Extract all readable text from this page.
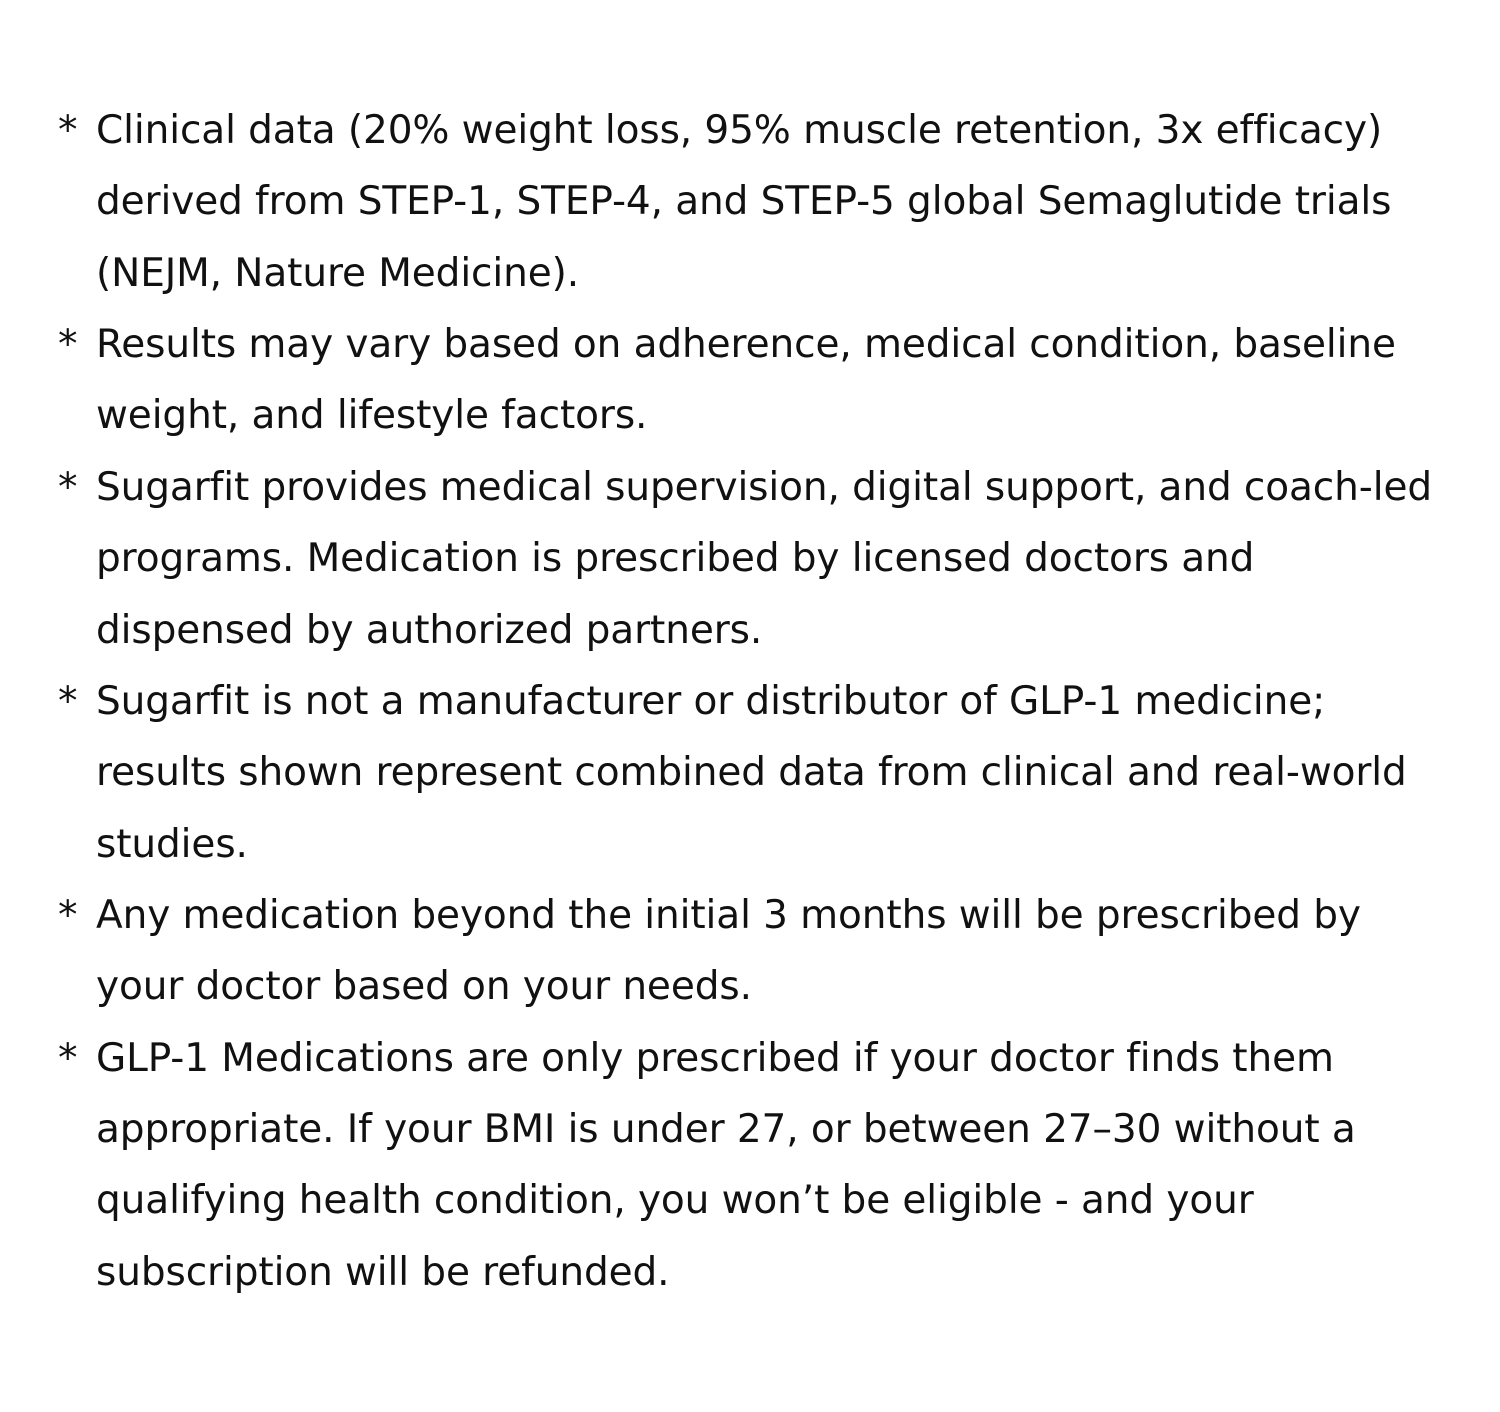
* Clinical data (20% weight loss, 95% muscle retention, 3x efficacy) derived from STEP-1, STEP-4, and STEP-5 global Semaglutide trials (NEJM, Nature Medicine).
* Results may vary based on adherence, medical condition, baseline weight, and lifestyle factors.
* Sugarfit provides medical supervision, digital support, and coach-led programs. Medication is prescribed by licensed doctors and dispensed by authorized partners.
* Sugarfit is not a manufacturer or distributor of GLP-1 medicine; results shown represent combined data from clinical and real-world studies.
* Any medication beyond the initial 3 months will be prescribed by your doctor based on your needs.
* GLP-1 Medications are only prescribed if your doctor finds them appropriate. If your BMI is under 27, or between 27–30 without a qualifying health condition, you won’t be eligible - and your subscription will be refunded.
